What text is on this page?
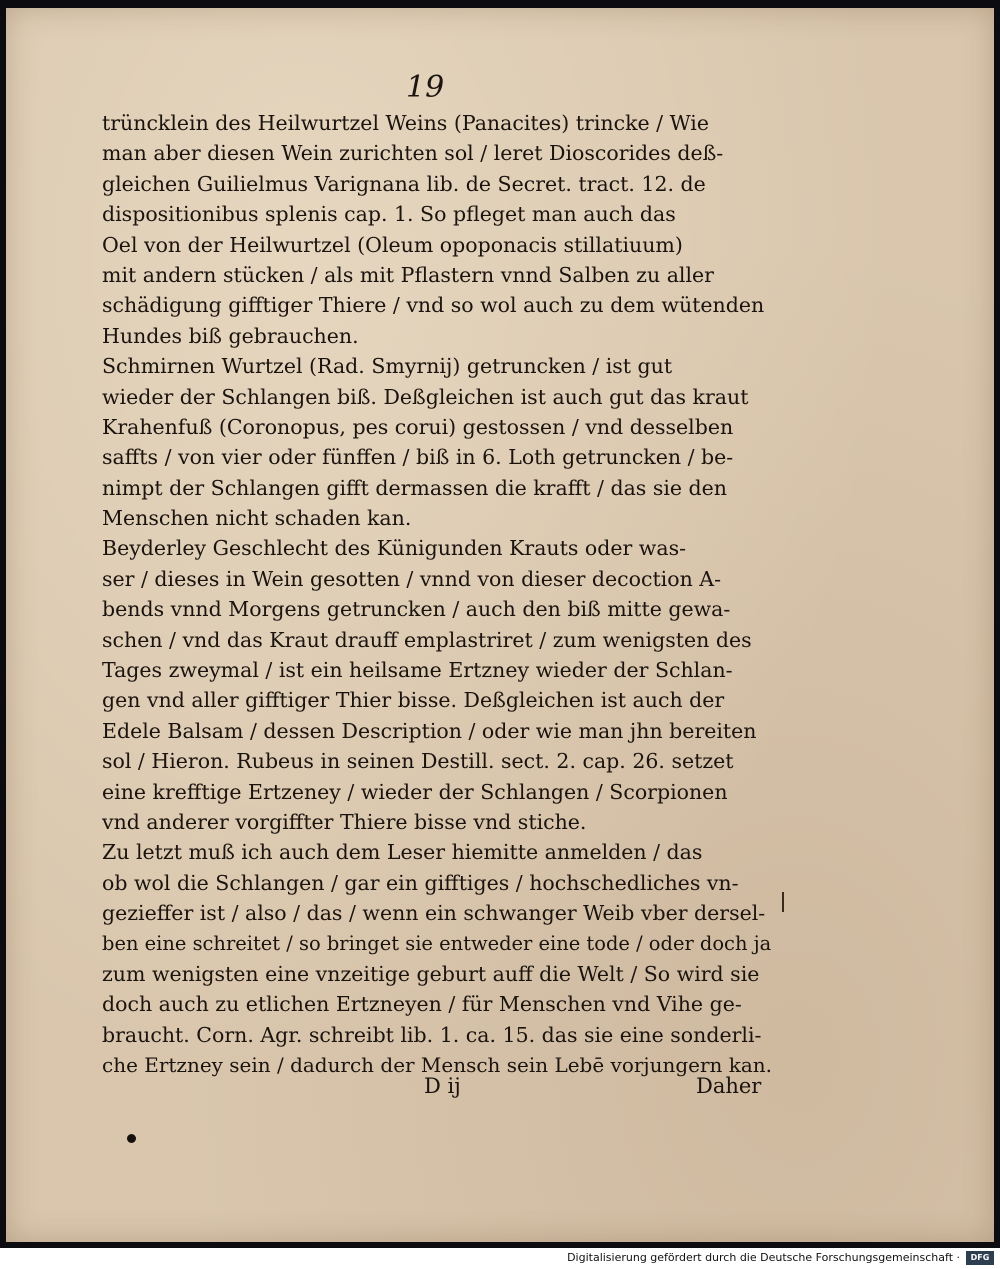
19
trüncklein des Heilwurtzel Weins (Panacites) trincke / Wie
man aber diesen Wein zurichten sol / leret Dioscorides deß-
gleichen Guilielmus Varignana lib. de Secret. tract. 12. de
dispositionibus splenis cap. 1. So pfleget man auch das
Oel von der Heilwurtzel (Oleum opoponacis stillatiuum)
mit andern stücken / als mit Pflastern vnnd Salben zu aller
schädigung gifftiger Thiere / vnd so wol auch zu dem wütenden
Hundes biß gebrauchen.
Schmirnen Wurtzel (Rad. Smyrnij) getruncken / ist gut
wieder der Schlangen biß. Deßgleichen ist auch gut das kraut
Krahenfuß (Coronopus, pes corui) gestossen / vnd desselben
saffts / von vier oder fünffen / biß in 6. Loth getruncken / be-
nimpt der Schlangen gifft dermassen die krafft / das sie den
Menschen nicht schaden kan.
Beyderley Geschlecht des Künigunden Krauts oder was-
ser / dieses in Wein gesotten / vnnd von dieser decoction A-
bends vnnd Morgens getruncken / auch den biß mitte gewa-
schen / vnd das Kraut drauff emplastriret / zum wenigsten des
Tages zweymal / ist ein heilsame Ertzney wieder der Schlan-
gen vnd aller gifftiger Thier bisse. Deßgleichen ist auch der
Edele Balsam / dessen Description / oder wie man jhn bereiten
sol / Hieron. Rubeus in seinen Destill. sect. 2. cap. 26. setzet
eine krefftige Ertzeney / wieder der Schlangen / Scorpionen
vnd anderer vorgiffter Thiere bisse vnd stiche.
Zu letzt muß ich auch dem Leser hiemitte anmelden / das
ob wol die Schlangen / gar ein gifftiges / hochschedliches vn-
gezieffer ist / also / das / wenn ein schwanger Weib vber dersel-
ben eine schreitet / so bringet sie entweder eine tode / oder doch ja
zum wenigsten eine vnzeitige geburt auff die Welt / So wird sie
doch auch zu etlichen Ertzneyen / für Menschen vnd Vihe ge-
braucht. Corn. Agr. schreibt lib. 1. ca. 15. das sie eine sonderli-
che Ertzney sein / dadurch der Mensch sein Lebē vorjungern kan.
D ij	Daher
Digitalisierung gefördert durch die Deutsche Forschungsgemeinschaft ·	DFG
